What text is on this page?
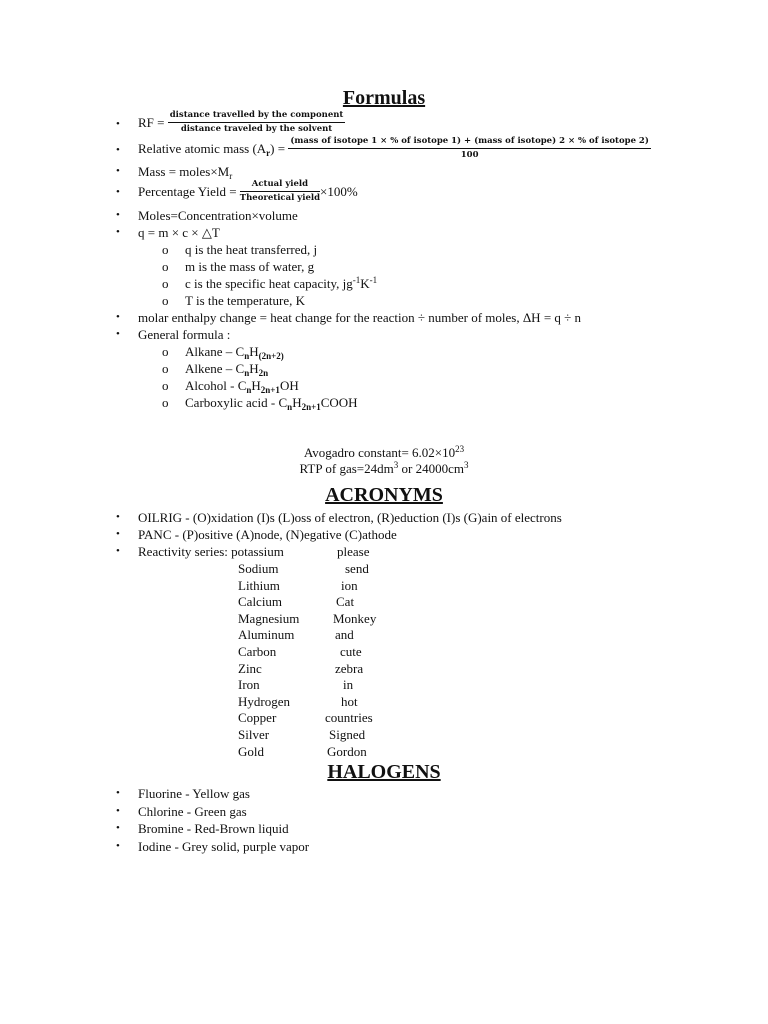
Formulas
• RF = $\frac{\text{distance travelled by the component}}{\text{distance traveled by the solvent}}$
• Relative atomic mass $(A_r)$ = (mass of isotope 1 × % of isotope 1) + (mass of isotope) 2 × % of isotope 2)
100
• Mass = $moles\times M_r$
• Percentage Yield = $\frac{\text{Actual yield}}{\text{Theoretical yield}} \times 100\%$
• Moles=Concentration×volume
• q = m × c × △T
o q is the heat transferred, j
o m is the mass of water, g
o c is the specific heat capacity, $jg^{-1}K^{-1}$
o T is the temperature, K
• molar enthalpy change = heat change for the reaction ÷ number of moles, ΔH = q ÷ n
• General formula :
o Alkane – $C_nH_{(2n+2)}$
o Alkene – $C_nH_{2n}$
o Alcohol - $C_nH_{2n+1}OH$
o Carboxylic acid - $C_nH_{2n+1}COOH$
Avogadro constant= $6.02\times 10^{23}$
RTP of $gas=24dm^3$ or $24000cm^3$
ACRONYMS
• OILRIG - (O)xidation (I)s (L)oss of electron, (R)eduction (I)s (G)ain of electrons
• PANC - (P)ositive (A)node, (N)egative (C)athode
• Reactivity series: potassium	please
Sodium	send
Lithium	ion
Calcium	Cat
Magnesium	Monkey
Aluminum	and
Carbon	cute
Zinc	zebra
Iron	in
Hydrogen	hot
Copper	countries
Silver	Signed
Gold	Gordon
HALOGENS
• Fluorine - Yellow gas
• Chlorine - Green gas
• Bromine - Red-Brown liquid
• Iodine - Grey solid, purple vapor
